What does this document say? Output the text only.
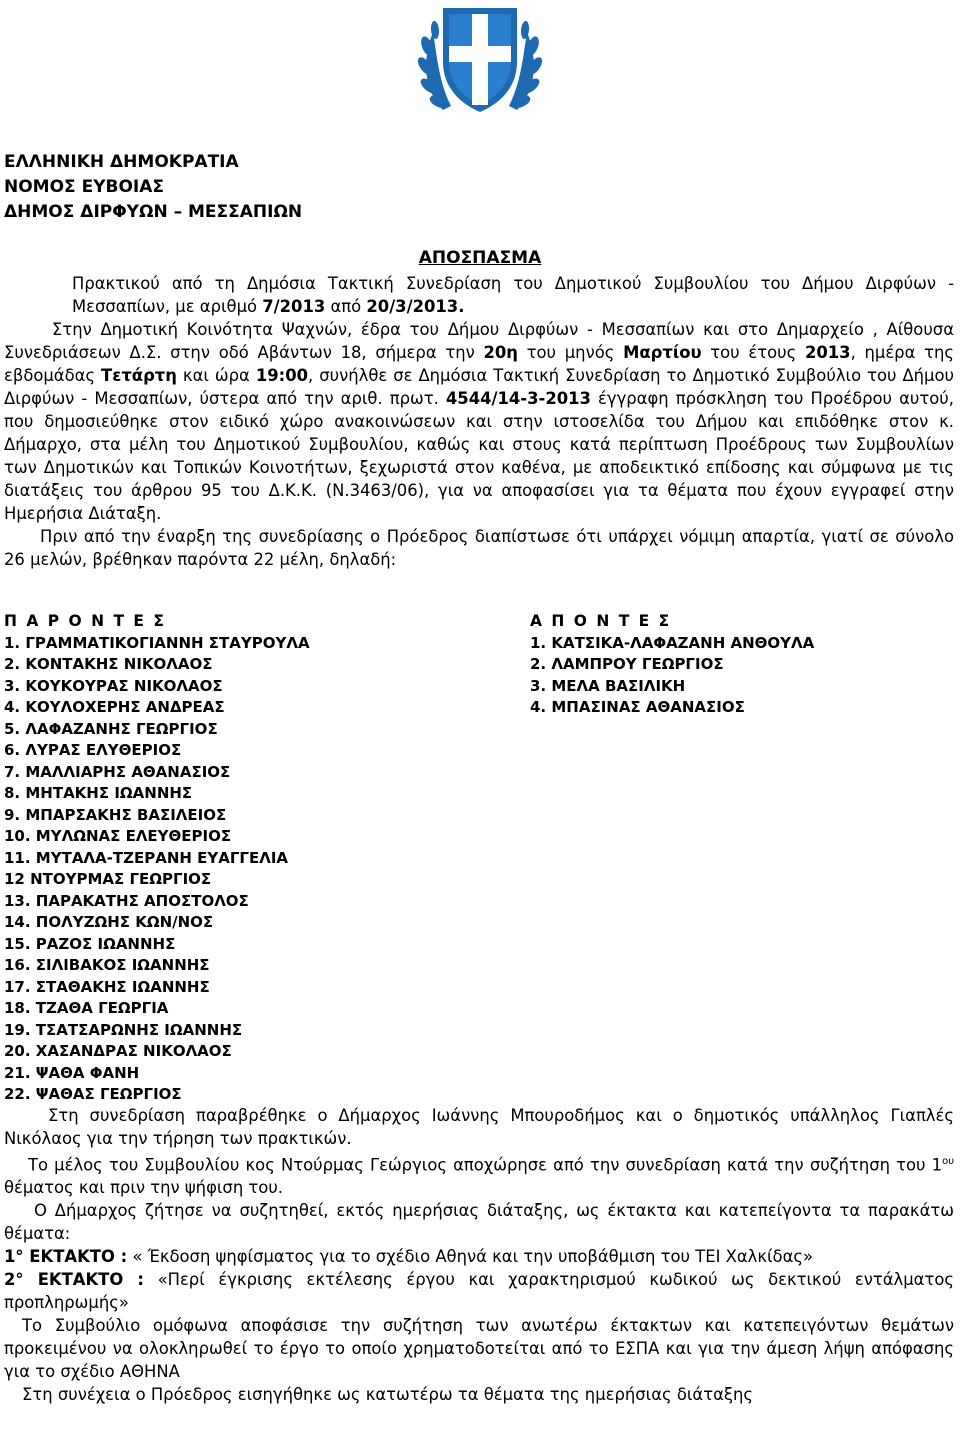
ΕΛΛΗΝΙΚΗ ΔΗΜΟΚΡΑΤΙΑ
ΝΟΜΟΣ ΕΥΒΟΙΑΣ
ΔΗΜΟΣ ΔΙΡΦΥΩΝ – ΜΕΣΣΑΠΙΩΝ
ΑΠΟΣΠΑΣΜΑ
Πρακτικού από τη Δημόσια Τακτική Συνεδρίαση του Δημοτικού Συμβουλίου του Δήμου Διρφύων - Μεσσαπίων, με αριθμό 7/2013 από 20/3/2013.
Στην Δημοτική Κοινότητα Ψαχνών, έδρα του Δήμου Διρφύων - Μεσσαπίων και στο Δημαρχείο , Αίθουσα Συνεδριάσεων Δ.Σ. στην οδό Αβάντων 18, σήμερα την 20η του μηνός Μαρτίου του έτους 2013, ημέρα της εβδομάδας Τετάρτη και ώρα 19:00, συνήλθε σε Δημόσια Τακτική Συνεδρίαση το Δημοτικό Συμβούλιο του Δήμου Διρφύων - Μεσσαπίων, ύστερα από την αριθ. πρωτ. 4544/14-3-2013 έγγραφη πρόσκληση του Προέδρου αυτού, που δημοσιεύθηκε στον ειδικό χώρο ανακοινώσεων και στην ιστοσελίδα του Δήμου και επιδόθηκε στον κ. Δήμαρχο, στα μέλη του Δημοτικού Συμβουλίου, καθώς και στους κατά περίπτωση Προέδρους των Συμβουλίων των Δημοτικών και Τοπικών Κοινοτήτων, ξεχωριστά στον καθένα, με αποδεικτικό επίδοσης και σύμφωνα με τις διατάξεις του άρθρου 95 του Δ.Κ.Κ. (Ν.3463/06), για να αποφασίσει για τα θέματα που έχουν εγγραφεί στην Ημερήσια Διάταξη.
Πριν από την έναρξη της συνεδρίασης ο Πρόεδρος διαπίστωσε ότι υπάρχει νόμιμη απαρτία, γιατί σε σύνολο 26 μελών, βρέθηκαν παρόντα 22 μέλη, δηλαδή:
Π Α Ρ Ο Ν Τ Ε Σ
1. ΓΡΑΜΜΑΤΙΚΟΓΙΑΝΝΗ ΣΤΑΥΡΟΥΛΑ
2. ΚΟΝΤΑΚΗΣ ΝΙΚΟΛΑΟΣ
3. ΚΟΥΚΟΥΡΑΣ ΝΙΚΟΛΑΟΣ
4. ΚΟΥΛΟΧΕΡΗΣ ΑΝΔΡΕΑΣ
5. ΛΑΦΑΖΑΝΗΣ ΓΕΩΡΓΙΟΣ
6. ΛΥΡΑΣ ΕΛΥΘΕΡΙΟΣ
7. ΜΑΛΛΙΑΡΗΣ ΑΘΑΝΑΣΙΟΣ
8. ΜΗΤΑΚΗΣ ΙΩΑΝΝΗΣ
9. ΜΠΑΡΣΑΚΗΣ ΒΑΣΙΛΕΙΟΣ
10. ΜΥΛΩΝΑΣ ΕΛΕΥΘΕΡΙΟΣ
11. ΜΥΤΑΛΑ-ΤΖΕΡΑΝΗ ΕΥΑΓΓΕΛΙΑ
12 ΝΤΟΥΡΜΑΣ ΓΕΩΡΓΙΟΣ
13. ΠΑΡΑΚΑΤΗΣ ΑΠΟΣΤΟΛΟΣ
14. ΠΟΛΥΖΩΗΣ ΚΩΝ/ΝΟΣ
15. ΡΑΖΟΣ ΙΩΑΝΝΗΣ
16. ΣΙΛΙΒΑΚΟΣ ΙΩΑΝΝΗΣ
17. ΣΤΑΘΑΚΗΣ ΙΩΑΝΝΗΣ
18. ΤΖΑΘΑ ΓΕΩΡΓΙΑ
19. ΤΣΑΤΣΑΡΩΝΗΣ ΙΩΑΝΝΗΣ
20. ΧΑΣΑΝΔΡΑΣ ΝΙΚΟΛΑΟΣ
21. ΨΑΘΑ ΦΑΝΗ
22. ΨΑΘΑΣ ΓΕΩΡΓΙΟΣ
Α Π Ο Ν Τ Ε Σ
1. ΚΑΤΣΙΚΑ-ΛΑΦΑΖΑΝΗ ΑΝΘΟΥΛΑ
2. ΛΑΜΠΡΟΥ ΓΕΩΡΓΙΟΣ
3. ΜΕΛΑ ΒΑΣΙΛΙΚΗ
4. ΜΠΑΣΙΝΑΣ ΑΘΑΝΑΣΙΟΣ
Στη συνεδρίαση παραβρέθηκε ο Δήμαρχος Ιωάννης Μπουροδήμος και ο δημοτικός υπάλληλος Γιαπλές Νικόλαος για την τήρηση των πρακτικών.
Το μέλος του Συμβουλίου κος Ντούρμας Γεώργιος αποχώρησε από την συνεδρίαση κατά την συζήτηση του $1^{o\upsilon}$ θέματος και πριν την ψήφιση του.
Ο Δήμαρχος ζήτησε να συζητηθεί, εκτός ημερήσιας διάταξης, ως έκτακτα και κατεπείγοντα τα παρακάτω θέματα:
1° ΕΚΤΑΚΤΟ : « Έκδοση ψηφίσματος για το σχέδιο Αθηνά και την υποβάθμιση του ΤΕΙ Χαλκίδας»
2° ΕΚΤΑΚΤΟ : «Περί έγκρισης εκτέλεσης έργου και χαρακτηρισμού κωδικού ως δεκτικού εντάλματος προπληρωμής»
Το Συμβούλιο ομόφωνα αποφάσισε την συζήτηση των ανωτέρω έκτακτων και κατεπειγόντων θεμάτων προκειμένου να ολοκληρωθεί το έργο το οποίο χρηματοδoτείται από το ΕΣΠΑ και για την άμεση λήψη απόφασης για το σχέδιο ΑΘΗΝΑ
Στη συνέχεια ο Πρόεδρος εισηγήθηκε ως κατωτέρω τα θέματα της ημερήσιας διάταξης
